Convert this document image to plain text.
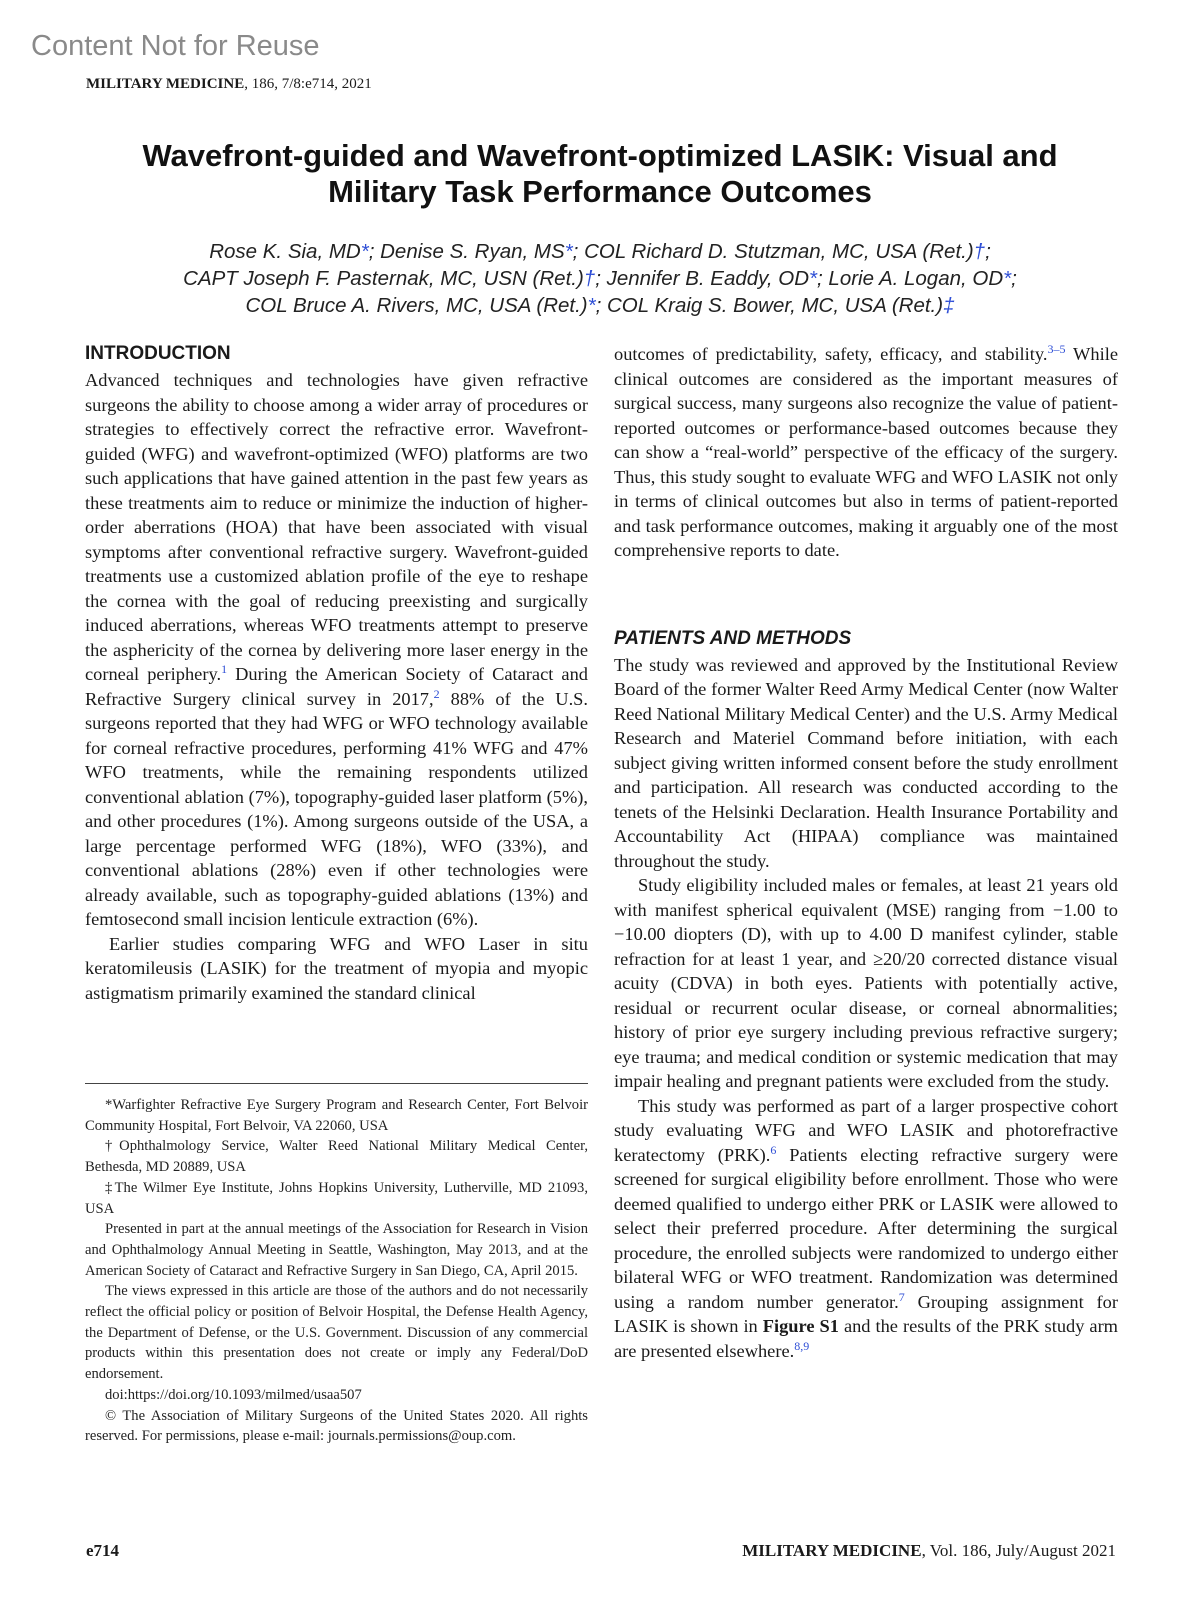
Content Not for Reuse
MILITARY MEDICINE, 186, 7/8:e714, 2021
Wavefront-guided and Wavefront-optimized LASIK: Visual and
Military Task Performance Outcomes
Rose K. Sia, MD*; Denise S. Ryan, MS*; COL Richard D. Stutzman, MC, USA (Ret.)†;
CAPT Joseph F. Pasternak, MC, USN (Ret.)†; Jennifer B. Eaddy, OD*; Lorie A. Logan, OD*;
COL Bruce A. Rivers, MC, USA (Ret.)*; COL Kraig S. Bower, MC, USA (Ret.)‡
INTRODUCTION

Advanced techniques and technologies have given refractive surgeons the ability to choose among a wider array of procedures or strategies to effectively correct the refractive error. Wavefront-guided (WFG) and wavefront-optimized (WFO) platforms are two such applications that have gained attention in the past few years as these treatments aim to reduce or minimize the induction of higher-order aberrations (HOA) that have been associated with visual symptoms after conventional refractive surgery. Wavefront-guided treatments use a customized ablation profile of the eye to reshape the cornea with the goal of reducing preexisting and surgically induced aberrations, whereas WFO treatments attempt to preserve the asphericity of the cornea by delivering more laser energy in the corneal periphery.$^1$ During the American Society of Cataract and Refractive Surgery clinical survey in 2017,$^2$ 88% of the U.S. surgeons reported that they had WFG or WFO technology available for corneal refractive procedures, performing 41% WFG and 47% WFO treatments, while the remaining respondents utilized conventional ablation (7%), topography-guided laser platform (5%), and other procedures (1%). Among surgeons outside of the USA, a large percentage performed WFG (18%), WFO (33%), and conventional ablations (28%) even if other technologies were already available, such as topography-guided ablations (13%) and femtosecond small incision lenticule extraction (6%).

Earlier studies comparing WFG and WFO Laser in situ keratomileusis (LASIK) for the treatment of myopia and myopic astigmatism primarily examined the standard clinical

*Warfighter Refractive Eye Surgery Program and Research Center, Fort Belvoir Community Hospital, Fort Belvoir, VA 22060, USA

†Ophthalmology Service, Walter Reed National Military Medical Center, Bethesda, MD 20889, USA

‡The Wilmer Eye Institute, Johns Hopkins University, Lutherville, MD 21093, USA

Presented in part at the annual meetings of the Association for Research in Vision and Ophthalmology Annual Meeting in Seattle, Washington, May 2013, and at the American Society of Cataract and Refractive Surgery in San Diego, CA, April 2015.

The views expressed in this article are those of the authors and do not necessarily reflect the official policy or position of Belvoir Hospital, the Defense Health Agency, the Department of Defense, or the U.S. Government. Discussion of any commercial products within this presentation does not create or imply any Federal/DoD endorsement.

doi:https://doi.org/10.1093/milmed/usaa507

© The Association of Military Surgeons of the United States 2020. All rights reserved. For permissions, please e-mail: journals.permissions@oup.com.

outcomes of predictability, safety, efficacy, and stability.$^{3-5}$ While clinical outcomes are considered as the important measures of surgical success, many surgeons also recognize the value of patient-reported outcomes or performance-based outcomes because they can show a “real-world” perspective of the efficacy of the surgery. Thus, this study sought to evaluate WFG and WFO LASIK not only in terms of clinical outcomes but also in terms of patient-reported and task performance outcomes, making it arguably one of the most comprehensive reports to date.

PATIENTS AND METHODS

The study was reviewed and approved by the Institutional Review Board of the former Walter Reed Army Medical Center (now Walter Reed National Military Medical Center) and the U.S. Army Medical Research and Materiel Command before initiation, with each subject giving written informed consent before the study enrollment and participation. All research was conducted according to the tenets of the Helsinki Declaration. Health Insurance Portability and Accountability Act (HIPAA) compliance was maintained throughout the study.

Study eligibility included males or females, at least 21 years old with manifest spherical equivalent (MSE) ranging from −1.00 to −10.00 diopters (D), with up to 4.00 D manifest cylinder, stable refraction for at least 1 year, and ≥20/20 corrected distance visual acuity (CDVA) in both eyes. Patients with potentially active, residual or recurrent ocular disease, or corneal abnormalities; history of prior eye surgery including previous refractive surgery; eye trauma; and medical condition or systemic medication that may impair healing and pregnant patients were excluded from the study.

This study was performed as part of a larger prospective cohort study evaluating WFG and WFO LASIK and photorefractive keratectomy (PRK).$^6$ Patients electing refractive surgery were screened for surgical eligibility before enrollment. Those who were deemed qualified to undergo either PRK or LASIK were allowed to select their preferred procedure. After determining the surgical procedure, the enrolled subjects were randomized to undergo either bilateral WFG or WFO treatment. Randomization was determined using a random number generator.$^7$ Grouping assignment for LASIK is shown in Figure S1 and the results of the PRK study arm are presented elsewhere.$^{8,9}$

e714	MILITARY MEDICINE, Vol. 186, July/August 2021
